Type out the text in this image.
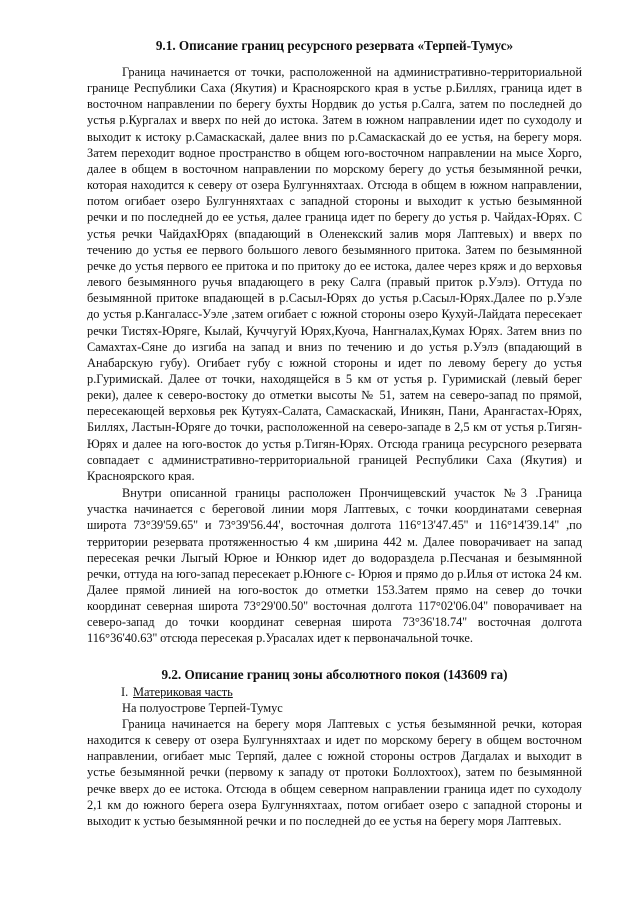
9.1. Описание границ ресурсного резервата «Терпей-Тумус»

Граница начинается от точки, расположенной на административно-территориальной границе Республики Саха (Якутия) и Красноярского края в устье р.Биллях, граница идет в восточном направлении по берегу бухты Нордвик до устья р.Салга, затем по последней до устья р.Кургалах и вверх по ней до истока. Затем в южном направлении идет по суходолу и выходит к истоку р.Самаскаскай, далее вниз по р.Самаскаскай до ее устья, на берегу моря. Затем переходит водное пространство в общем юго-восточном направлении на мысе Хорго, далее в общем в восточном направлении по морскому берегу до устья безымянной речки, которая находится к северу от озера Булгунняхтаах. Отсюда в общем в южном направлении, потом огибает озеро Булгунняхтаах с западной стороны и выходит к устью безымянной речки и по последней до ее устья, далее граница идет по берегу до устья р. Чайдах-Юрях. С устья речки ЧайдахЮрях (впадающий в Оленекский залив моря Лаптевых) и вверх по течению до устья ее первого большого левого безымянного притока. Затем по безымянной речке до устья первого ее притока и по притоку до ее истока, далее через кряж и до верховья левого безымянного ручья впадающего в реку Салга (правый приток р.Уэлэ). Оттуда по безымянной притоке впадающей в р.Сасыл-Юрях до устья р.Сасыл-Юрях.Далее по р.Уэле до устья р.Кангаласс-Уэле ,затем огибает с южной стороны озеро Кухуй-Лайдата пересекает речки Тистях-Юряге, Кылай, Куччугуй Юрях,Куоча, Нангналах,Кумах Юрях. Затем вниз по Самахтах-Сяне до изгиба на запад и вниз по течению и до устья р.Уэлэ (впадающий в Анабарскую губу). Огибает губу с южной стороны и идет по левому берегу до устья р.Гуримискай. Далее от точки, находящейся в 5 км от устья р. Гуримискай (левый берег реки), далее к северо-востоку до отметки высоты № 51, затем на северо-запад по прямой, пересекающей верховья рек Кутуях-Салата, Самаскаскай, Иникян, Пани, Арангастах-Юрях, Биллях, Ластын-Юряге до точки, расположенной на северо-западе в 2,5 км от устья р.Тигян-Юрях и далее на юго-восток до устья р.Тигян-Юрях. Отсюда граница ресурсного резервата совпадает с административно-территориальной границей Республики Саха (Якутия) и Красноярского края.

Внутри описанной границы расположен Прончищевский участок №3 .Граница участка начинается с береговой линии моря Лаптевых, с точки координатами северная широта 73°39'59.65'' и 73°39'56.44', восточная долгота 116°13'47.45'' и 116°14'39.14'' ,по территории резервата протяженностью 4 км ,ширина 442 м. Далее поворачивает на запад пересекая речки Лыгый Юрюе и Юнкюр идет до водораздела р.Песчаная и безымянной речки, оттуда на юго-запад пересекает р.Юнюге с- Юрюя и прямо до р.Илья от истока 24 км. Далее прямой линией на юго-восток до отметки 153.Затем прямо на север до точки координат северная широта 73°29'00.50'' восточная долгота 117°02'06.04'' поворачивает на северо-запад до точки координат северная широта 73°36'18.74'' восточная долгота 116°36'40.63'' отсюда пересекая р.Урасалах идет к первоначальной точке.

9.2. Описание границ зоны абсолютного покоя (143609 га)
I. Материковая часть
На полуострове Терпей-Тумус

Граница начинается на берегу моря Лаптевых с устья безымянной речки, которая находится к северу от озера Булгунняхтаах и идет по морскому берегу в общем восточном направлении, огибает мыс Терпяй, далее с южной стороны остров Дагдалах и выходит в устье безымянной речки (первому к западу от протоки Боллохтоох), затем по безымянной речке вверх до ее истока. Отсюда в общем северном направлении граница идет по суходолу 2,1 км до южного берега озера Булгунняхтаах, потом огибает озеро с западной стороны и выходит к устью безымянной речки и по последней до ее устья на берегу моря Лаптевых.
